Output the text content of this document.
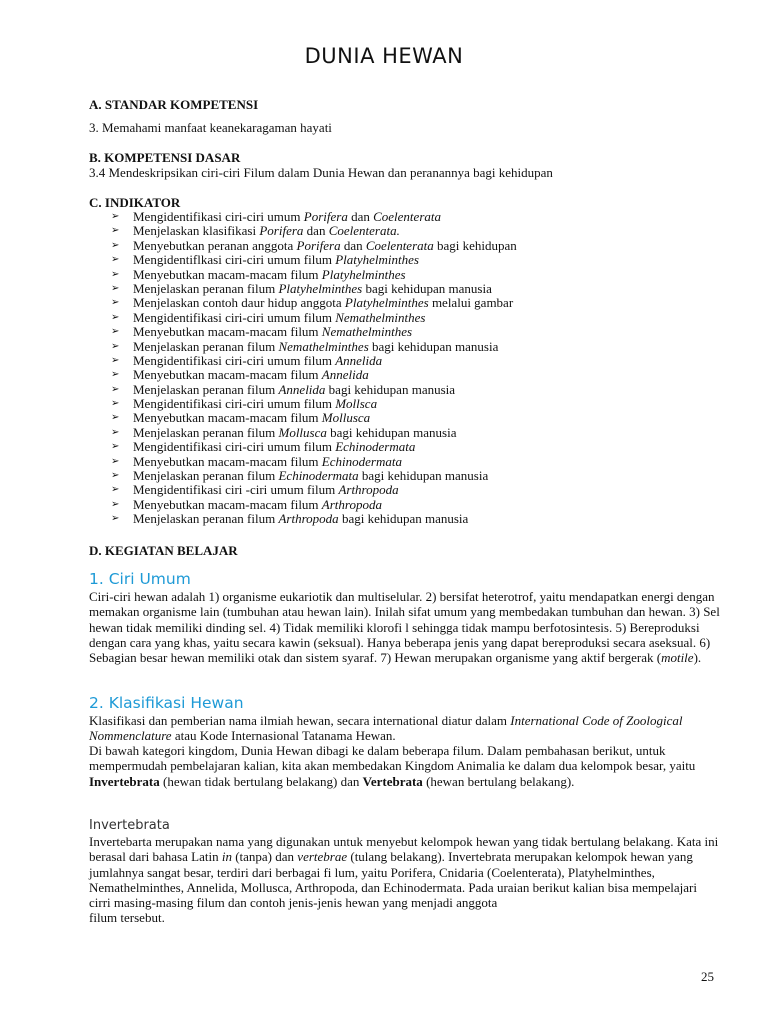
DUNIA HEWAN
A. STANDAR KOMPETENSI
3. Memahami manfaat keanekaragaman hayati
B. KOMPETENSI DASAR
3.4 Mendeskripsikan ciri-ciri Filum dalam Dunia Hewan dan peranannya bagi kehidupan
C. INDIKATOR
➢ Mengidentifikasi ciri-ciri umum Porifera dan Coelenterata
➢ Menjelaskan klasifikasi Porifera dan Coelenterata.
➢ Menyebutkan peranan anggota Porifera dan Coelenterata bagi kehidupan
➢ Mengidentiflkasi ciri-ciri umum filum Platyhelminthes
➢ Menyebutkan macam-macam filum Platyhelminthes
➢ Menjelaskan peranan filum Platyhelminthes bagi kehidupan manusia
➢ Menjelaskan contoh daur hidup anggota Platyhelminthes melalui gambar
➢ Mengidentifikasi ciri-ciri umum filum Nemathelminthes
➢ Menyebutkan macam-macam filum Nemathelminthes
➢ Menjelaskan peranan filum Nemathelminthes bagi kehidupan manusia
➢ Mengidentifikasi ciri-ciri umum filum Annelida
➢ Menyebutkan macam-macam filum Annelida
➢ Menjelaskan peranan filum Annelida bagi kehidupan manusia
➢ Mengidentifikasi ciri-ciri umum filum Mollsca
➢ Menyebutkan macam-macam filum Mollusca
➢ Menjelaskan peranan filum Mollusca bagi kehidupan manusia
➢ Mengidentifikasi ciri-ciri umum filum Echinodermata
➢ Menyebutkan macam-macam filum Echinodermata
➢ Menjelaskan peranan filum Echinodermata bagi kehidupan manusia
➢ Mengidentifikasi ciri -ciri umum filum Arthropoda
➢ Menyebutkan macam-macam filum Arthropoda
➢ Menjelaskan peranan filum Arthropoda bagi kehidupan manusia
D. KEGIATAN BELAJAR
1. Ciri Umum
Ciri-ciri hewan adalah 1) organisme eukariotik dan multiselular. 2) bersifat heterotrof, yaitu mendapatkan energi dengan memakan organisme lain (tumbuhan atau hewan lain). Inilah sifat umum yang membedakan tumbuhan dan hewan. 3) Sel hewan tidak memiliki dinding sel. 4) Tidak memiliki klorofi l sehingga tidak mampu berfotosintesis. 5) Bereproduksi dengan cara yang khas, yaitu secara kawin (seksual). Hanya beberapa jenis yang dapat bereproduksi secara aseksual. 6) Sebagian besar hewan memiliki otak dan sistem syaraf. 7) Hewan merupakan organisme yang aktif bergerak (motile).
2. Klasifikasi Hewan
Klasifikasi dan pemberian nama ilmiah hewan, secara international diatur dalam International Code of Zoological Nommenclature atau Kode Internasional Tatanama Hewan.
Di bawah kategori kingdom, Dunia Hewan dibagi ke dalam beberapa filum. Dalam pembahasan berikut, untuk mempermudah pembelajaran kalian, kita akan membedakan Kingdom Animalia ke dalam dua kelompok besar, yaitu Invertebrata (hewan tidak bertulang belakang) dan Vertebrata (hewan bertulang belakang).
Invertebrata
Invertebarta merupakan nama yang digunakan untuk menyebut kelompok hewan yang tidak bertulang belakang. Kata ini berasal dari bahasa Latin in (tanpa) dan vertebrae (tulang belakang). Invertebrata merupakan kelompok hewan yang jumlahnya sangat besar, terdiri dari berbagai fi lum, yaitu Porifera, Cnidaria (Coelenterata), Platyhelminthes, Nemathelminthes, Annelida, Mollusca, Arthropoda, dan Echinodermata. Pada uraian berikut kalian bisa mempelajari cirri masing-masing filum dan contoh jenis-jenis hewan yang menjadi anggota
filum tersebut.
25
